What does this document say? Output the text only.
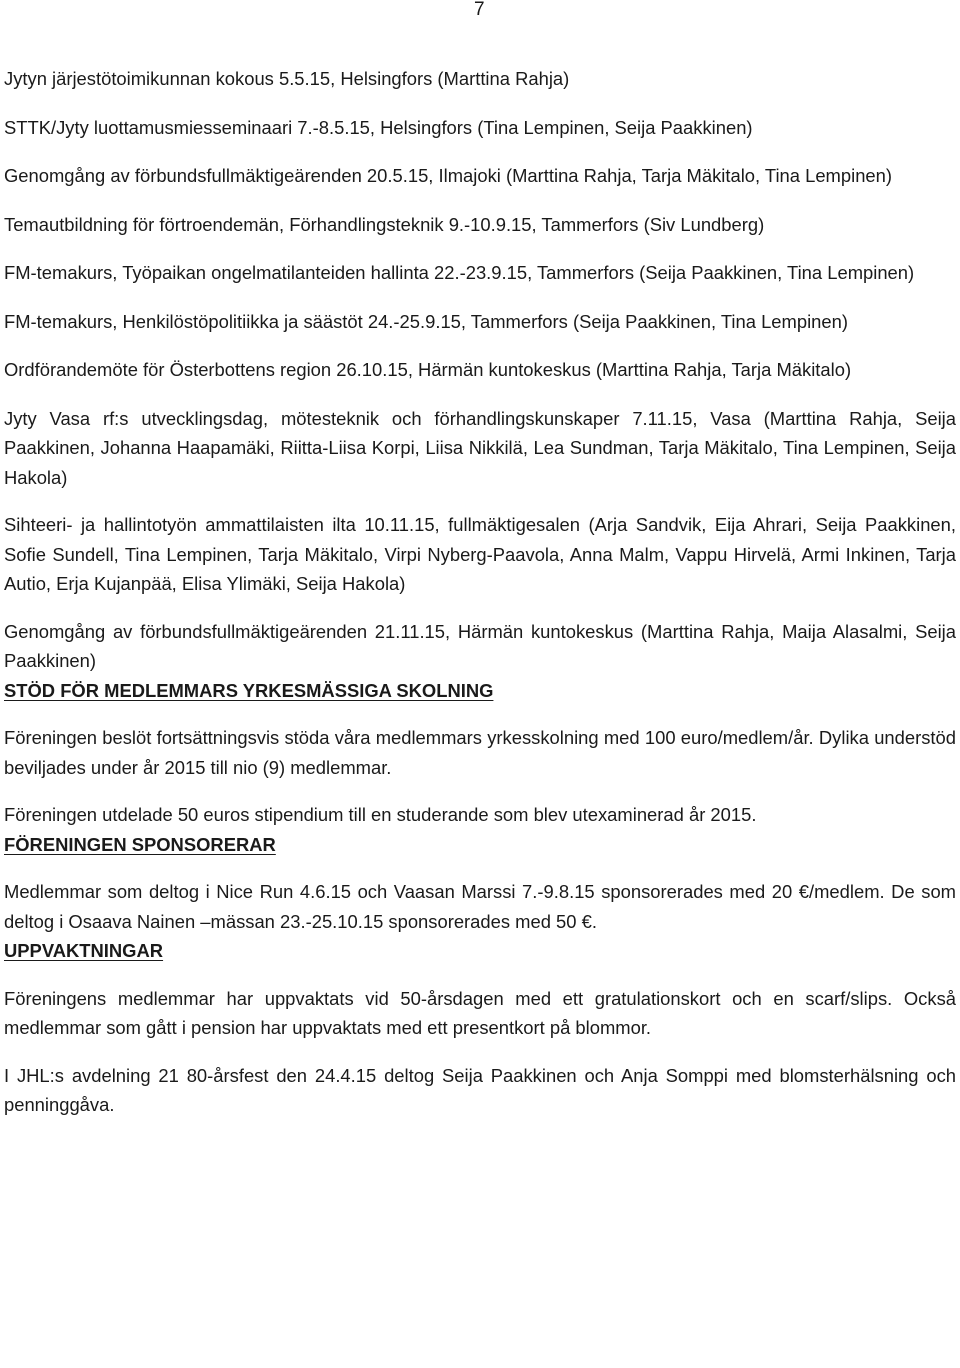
7

Jytyn järjestötoimikunnan kokous 5.5.15, Helsingfors (Marttina Rahja)

STTK/Jyty luottamusmiesseminaari 7.-8.5.15, Helsingfors (Tina Lempinen, Seija Paakkinen)

Genomgång av förbundsfullmäktigeärenden 20.5.15, Ilmajoki (Marttina Rahja, Tarja Mäkitalo, Tina Lempinen)

Temautbildning för förtroendemän, Förhandlingsteknik 9.-10.9.15, Tammerfors (Siv Lundberg)

FM-temakurs, Työpaikan ongelmatilanteiden hallinta 22.-23.9.15, Tammerfors (Seija Paakkinen, Tina Lempinen)

FM-temakurs, Henkilöstöpolitiikka ja säästöt 24.-25.9.15, Tammerfors (Seija Paakkinen, Tina Lempinen)

Ordförandemöte för Österbottens region 26.10.15, Härmän kuntokeskus (Marttina Rahja, Tarja Mäkitalo)

Jyty Vasa rf:s utvecklingsdag, mötesteknik och förhandlingskunskaper 7.11.15, Vasa (Marttina Rahja, Seija Paakkinen, Johanna Haapamäki, Riitta-Liisa Korpi, Liisa Nikkilä, Lea Sundman, Tarja Mäkitalo, Tina Lempinen, Seija Hakola)

Sihteeri- ja hallintotyön ammattilaisten ilta 10.11.15, fullmäktigesalen (Arja Sandvik, Eija Ahrari, Seija Paakkinen, Sofie Sundell, Tina Lempinen, Tarja Mäkitalo, Virpi Nyberg-Paavola, Anna Malm, Vappu Hirvelä, Armi Inkinen, Tarja Autio, Erja Kujanpää, Elisa Ylimäki, Seija Hakola)

Genomgång av förbundsfullmäktigeärenden 21.11.15, Härmän kuntokeskus (Marttina Rahja, Maija Alasalmi, Seija Paakkinen)

STÖD FÖR MEDLEMMARS YRKESMÄSSIGA SKOLNING

Föreningen beslöt fortsättningsvis stöda våra medlemmars yrkesskolning med 100 euro/medlem/år. Dylika understöd beviljades under år 2015 till nio (9) medlemmar.

Föreningen utdelade 50 euros stipendium till en studerande som blev utexaminerad år 2015.

FÖRENINGEN SPONSORERAR

Medlemmar som deltog i Nice Run 4.6.15 och Vaasan Marssi 7.-9.8.15 sponsorerades med 20 €/medlem. De som deltog i Osaava Nainen –mässan 23.-25.10.15 sponsorerades med 50 €.

UPPVAKTNINGAR

Föreningens medlemmar har uppvaktats vid 50-årsdagen med ett gratulationskort och en scarf/slips. Också medlemmar som gått i pension har uppvaktats med ett presentkort på blommor.

I JHL:s avdelning 21 80-årsfest den 24.4.15 deltog Seija Paakkinen och Anja Somppi med blomsterhälsning och penninggåva.
